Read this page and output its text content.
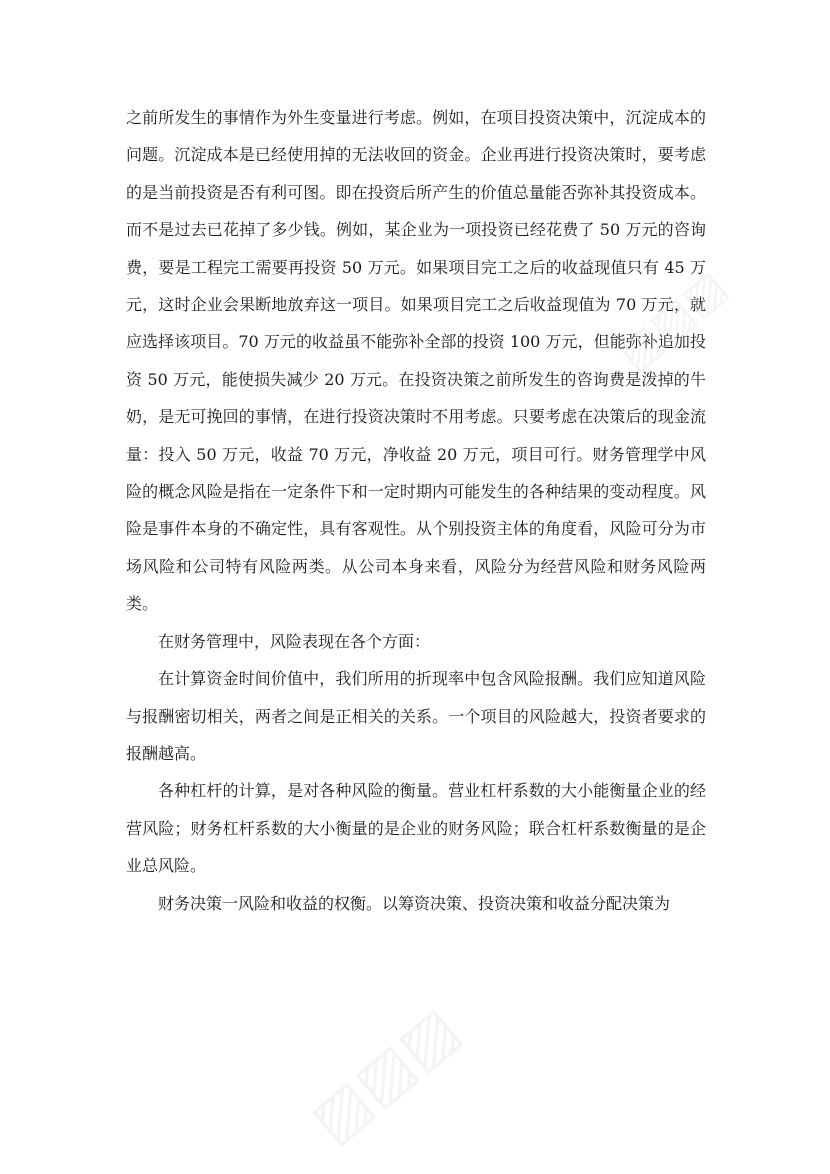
之前所发生的事情作为外生变量进行考虑。例如，在项目投资决策中，沉淀成本的问题。沉淀成本是已经使用掉的无法收回的资金。企业再进行投资决策时，要考虑的是当前投资是否有利可图。即在投资后所产生的价值总量能否弥补其投资成本。而不是过去已花掉了多少钱。例如，某企业为一项投资已经花费了 50 万元的咨询费，要是工程完工需要再投资 50 万元。如果项目完工之后的收益现值只有 45 万元，这时企业会果断地放弃这一项目。如果项目完工之后收益现值为 70 万元，就应选择该项目。70 万元的收益虽不能弥补全部的投资 100 万元，但能弥补追加投资 50 万元，能使损失减少 20 万元。在投资决策之前所发生的咨询费是泼掉的牛奶，是无可挽回的事情，在进行投资决策时不用考虑。只要考虑在决策后的现金流量：投入 50 万元，收益 70 万元，净收益 20 万元，项目可行。财务管理学中风险的概念风险是指在一定条件下和一定时期内可能发生的各种结果的变动程度。风险是事件本身的不确定性，具有客观性。从个别投资主体的角度看，风险可分为市场风险和公司特有风险两类。从公司本身来看，风险分为经营风险和财务风险两类。

在财务管理中，风险表现在各个方面：

在计算资金时间价值中，我们所用的折现率中包含风险报酬。我们应知道风险与报酬密切相关，两者之间是正相关的关系。一个项目的风险越大，投资者要求的报酬越高。

各种杠杆的计算，是对各种风险的衡量。营业杠杆系数的大小能衡量企业的经营风险；财务杠杆系数的大小衡量的是企业的财务风险；联合杠杆系数衡量的是企业总风险。

财务决策一风险和收益的权衡。以筹资决策、投资决策和收益分配决策为

▨▨▨
▨▨▨
